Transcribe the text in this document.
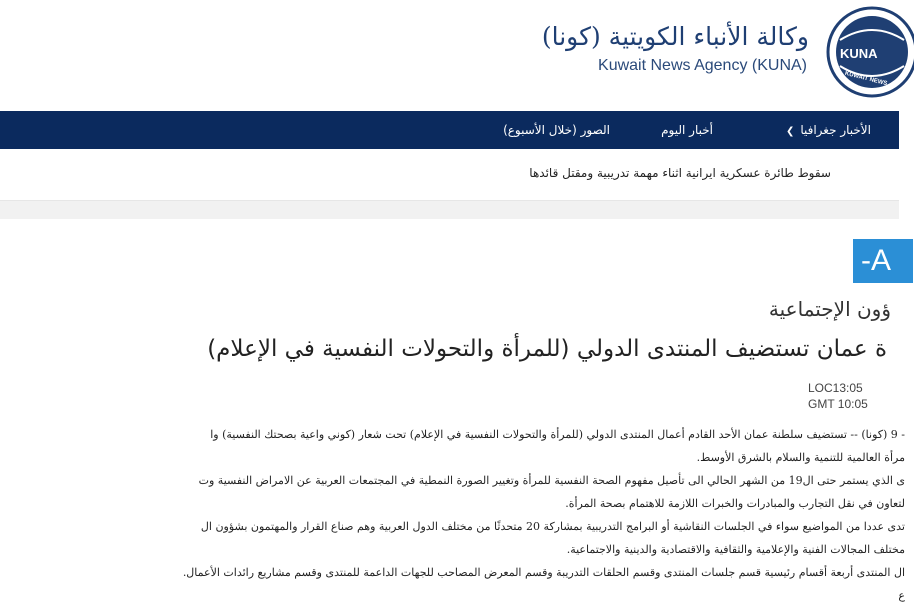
وكالة الأنباء الكويتية (كونا)
Kuwait News Agency (KUNA)
KUNA
KUWAIT NEWS
الأخبار جغرافيا❯
أخبار اليوم
الصور (خلال الأسبوع)
سقوط طائرة عسكرية ايرانية اثناء مهمة تدريبية ومقتل قائدها
-A
ؤون الإجتماعية
ة عمان تستضيف المنتدى الدولي (للمرأة والتحولات النفسية في الإعلام)
LOC13:05
GMT 10:05
- 9 (كونا) -- تستضيف سلطنة عمان الأحد القادم أعمال المنتدى الدولي (للمرأة والتحولات النفسية في الإعلام) تحت شعار (كوني واعية بصحتك النفسية) وا
مرأة العالمية للتنمية والسلام بالشرق الأوسط.
ى الذي يستمر حتى ال19 من الشهر الحالي الى تأصيل مفهوم الصحة النفسية للمرأة وتغيير الصورة النمطية في المجتمعات العربية عن الامراض النفسية وت
لتعاون في نقل التجارب والمبادرات والخبرات اللازمة للاهتمام بصحة المرأة.
تدى عددا من المواضيع سواء في الجلسات النقاشية أو البرامج التدريبية بمشاركة 20 متحدثًا من مختلف الدول العربية وهم صناع القرار والمهتمون بشؤون ال
مختلف المجالات الفنية والإعلامية والثقافية والاقتصادية والدينية والاجتماعية.
ال المنتدى أربعة أقسام رئيسية قسم جلسات المنتدى وقسم الحلقات التدريبة وقسم المعرض المصاحب للجهات الداعمة للمنتدى وقسم مشاريع رائدات الأعمال.
ع
